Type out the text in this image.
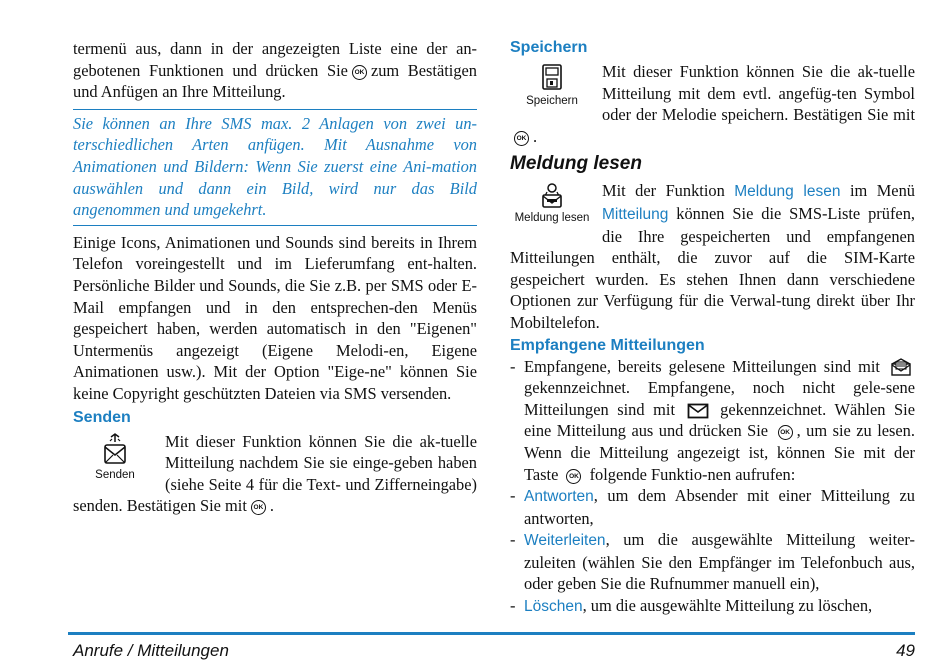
termenü aus, dann in der angezeigten Liste eine der an-gebotenen Funktionen und drücken Sie OK zum Bestätigen und Anfügen an Ihre Mitteilung.

Sie können an Ihre SMS max. 2 Anlagen von zwei un-terschiedlichen Arten anfügen. Mit Ausnahme von Animationen und Bildern: Wenn Sie zuerst eine Ani-mation auswählen und dann ein Bild, wird nur das Bild angenommen und umgekehrt.

Einige Icons, Animationen und Sounds sind bereits in Ihrem Telefon voreingestellt und im Lieferumfang ent-halten. Persönliche Bilder und Sounds, die Sie z.B. per SMS oder E-Mail empfangen und in den entsprechen-den Menüs gespeichert haben, werden automatisch in den "Eigenen" Untermenüs angezeigt (Eigene Melodi-en, Eigene Animationen usw.). Mit der Option "Eige-ne" können Sie keine Copyright geschützten Dateien via SMS versenden.

Senden
Senden

Mit dieser Funktion können Sie die ak-tuelle Mitteilung nachdem Sie sie einge-geben haben (siehe Seite 4 für die Text- und Zifferneingabe) senden. Bestätigen Sie mit OK .

Speichern
Speichern

Mit dieser Funktion können Sie die ak-tuelle Mitteilung mit dem evtl. angefüg-ten Symbol oder der Melodie speichern. Bestätigen Sie mitOK .

Meldung lesen
Meldung lesen

Mit der Funktion Meldung lesen im Menü Mitteilung können Sie die SMS-Liste prüfen, die Ihre gespeicherten und empfangenen Mitteilungen enthält, die zuvor auf die SIM-Karte gespeichert wurden. Es stehen Ihnen dann verschiedene Optionen zur Verfügung für die Verwal-tung direkt über Ihr Mobiltelefon.

Empfangene Mitteilungen
- Empfangene, bereits gelesene Mitteilungen sind mit  gekennzeichnet. Empfangene, noch nicht gele-sene Mitteilungen sind mit	gekennzeichnet. Wählen Sie eine Mitteilung aus und drücken Sie OK , um sie zu lesen. Wenn die Mitteilung angezeigt ist, können Sie mit der Taste OK folgende Funktio-nen aufrufen:
- Antworten, um dem Absender mit einer Mitteilung zu antworten,
- Weiterleiten, um die ausgewählte Mitteilung weiter-zuleiten (wählen Sie den Empfänger im Telefonbuch aus, oder geben Sie die Rufnummer manuell ein),
- Löschen, um die ausgewählte Mitteilung zu löschen,
Anrufe / Mitteilungen	49
